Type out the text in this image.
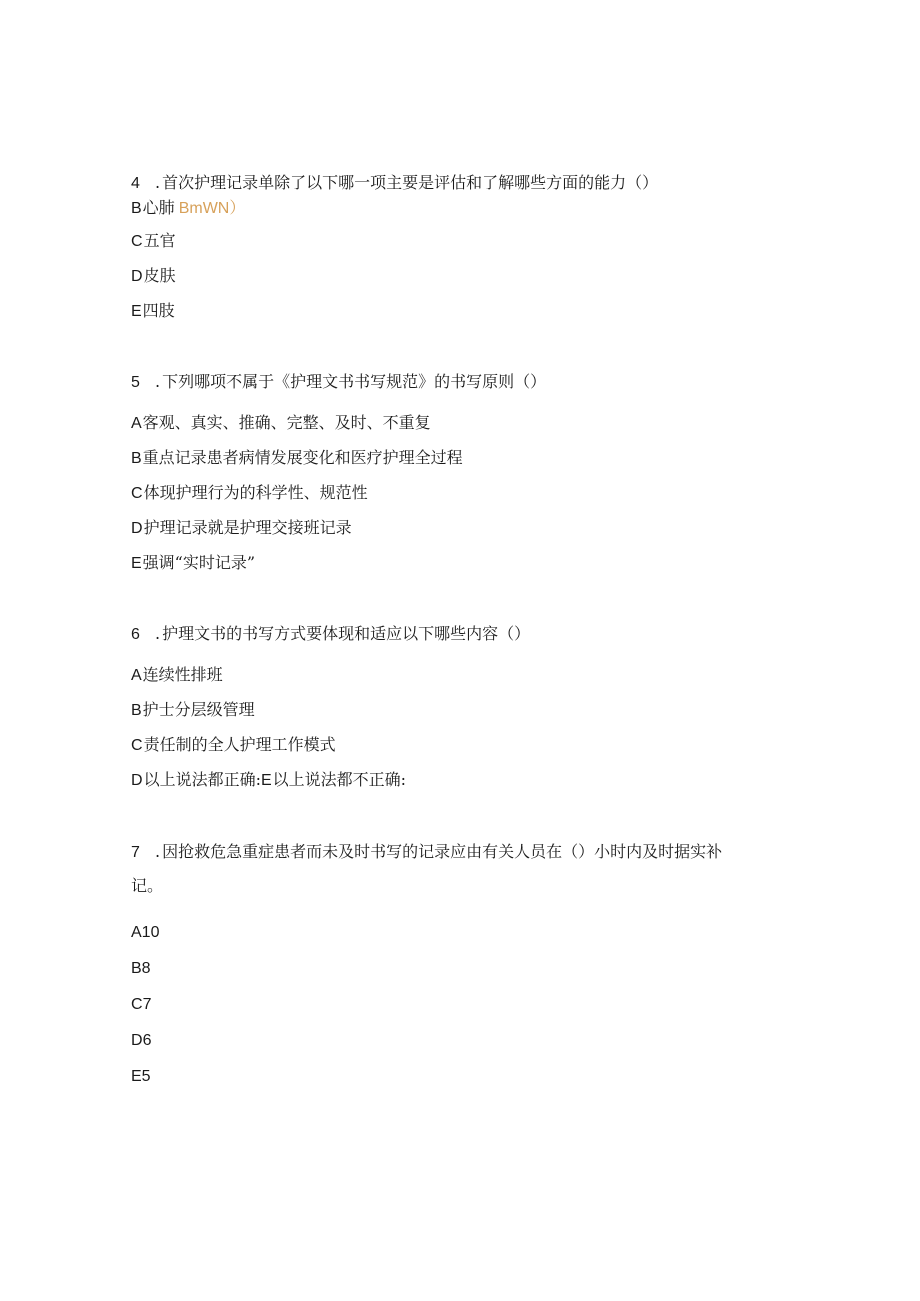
4 . 首次护理记录单除了以下哪一项主要是评估和了解哪些方面的能力（）
B心肺 BmWN）
C五官
D皮肤
E四肢
5 . 下列哪项不属于《护理文书书写规范》的书写原则（）
A客观、真实、推确、完整、及时、不重复
B重点记录患者病情发展变化和医疗护理全过程
C体现护理行为的科学性、规范性
D护理记录就是护理交接班记录
E强调“实时记录”
6 . 护理文书的书写方式要体现和适应以下哪些内容（）
A连续性排班
B护士分层级管理
C责任制的全人护理工作模式
D以上说法都正确:E以上说法都不正确:
7 . 因抢救危急重症患者而未及时书写的记录应由有关人员在（）小时内及时据实补
记。
A10
B8
C7
D6
E5
